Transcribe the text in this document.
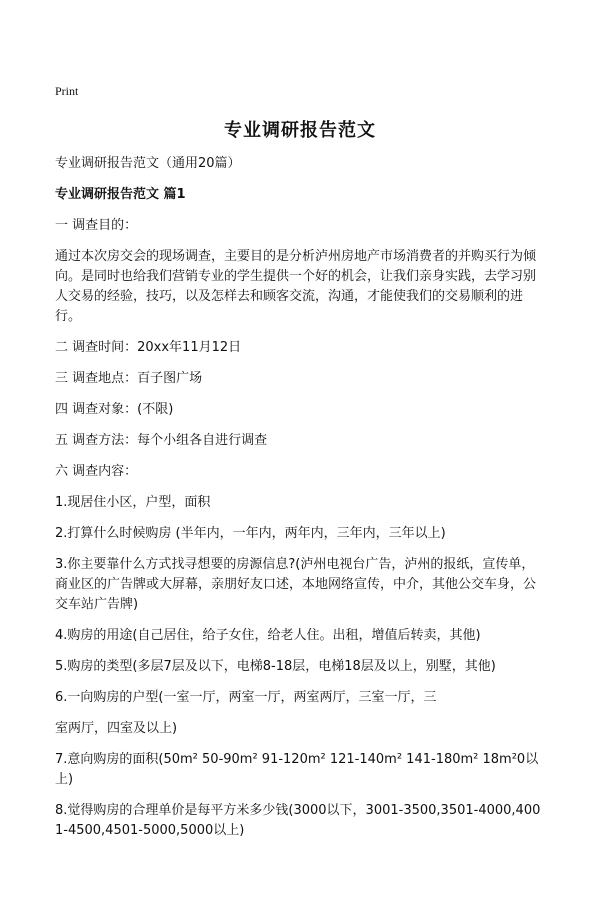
Print
专业调研报告范文

专业调研报告范文（通用20篇）

专业调研报告范文 篇1

一 调查目的：

通过本次房交会的现场调查，主要目的是分析泸州房地产市场消费者的并购买行为倾向。是同时也给我们营销专业的学生提供一个好的机会，让我们亲身实践，去学习别人交易的经验，技巧，以及怎样去和顾客交流，沟通，才能使我们的交易顺利的进行。

二 调查时间：20xx年11月12日

三 调查地点：百子图广场

四 调查对象：(不限)

五 调查方法：每个小组各自进行调查

六 调查内容：

1.现居住小区，户型，面积

2.打算什么时候购房 (半年内，一年内，两年内，三年内，三年以上)

3.你主要靠什么方式找寻想要的房源信息?(泸州电视台广告，泸州的报纸，宣传单，商业区的广告牌或大屏幕，亲朋好友口述，本地网络宣传，中介，其他公交车身，公交车站广告牌)

4.购房的用途(自己居住，给子女住，给老人住。出租，增值后转卖，其他)

5.购房的类型(多层7层及以下，电梯8-18层，电梯18层及以上，别墅，其他)

6.一向购房的户型(一室一厅，两室一厅，两室两厅，三室一厅，三

室两厅，四室及以上)

7.意向购房的面积(50m² 50-90m² 91-120m² 121-140m² 141-180m² 18m²0以上)

8.觉得购房的合理单价是每平方米多少钱(3000以下，3001-3500,3501-4000,4001-4500,4501-5000,5000以上)
